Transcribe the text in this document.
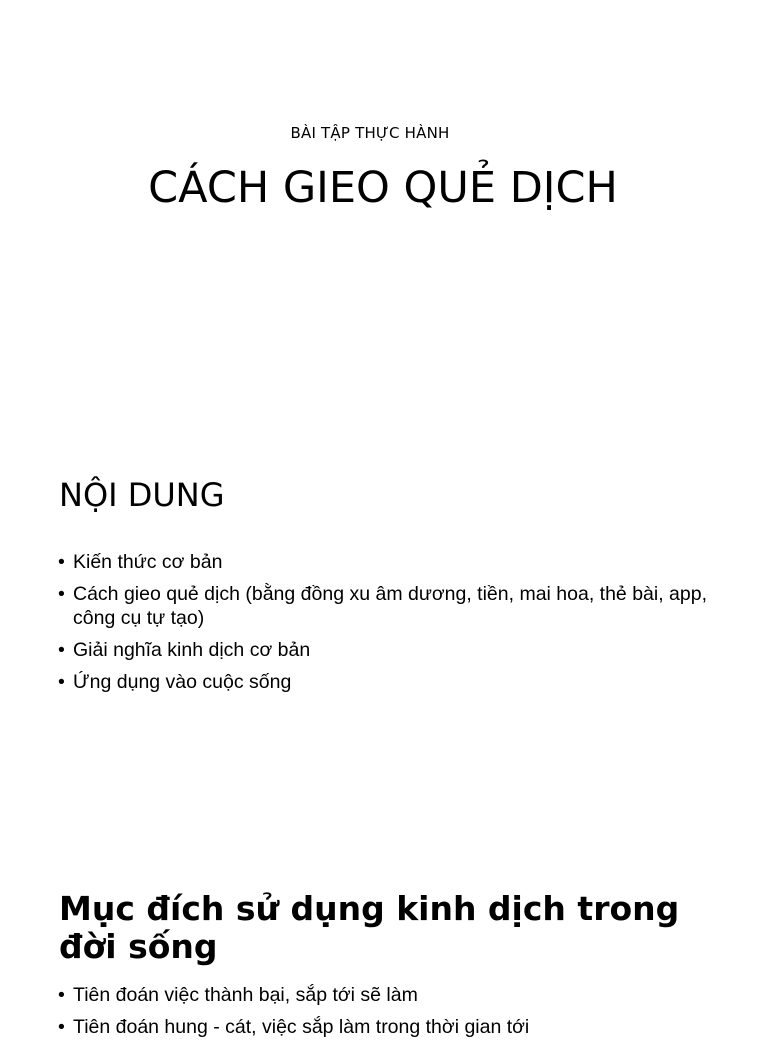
BÀI TẬP THỰC HÀNH
CÁCH GIEO QUẺ DỊCH
NỘI DUNG
• Kiến thức cơ bản
• Cách gieo quẻ dịch (bằng đồng xu âm dương, tiền, mai hoa, thẻ bài, app, công cụ tự tạo)
• Giải nghĩa kinh dịch cơ bản
• Ứng dụng vào cuộc sống
Mục đích sử dụng kinh dịch trong đời sống
• Tiên đoán việc thành bại, sắp tới sẽ làm
• Tiên đoán hung - cát, việc sắp làm trong thời gian tới
